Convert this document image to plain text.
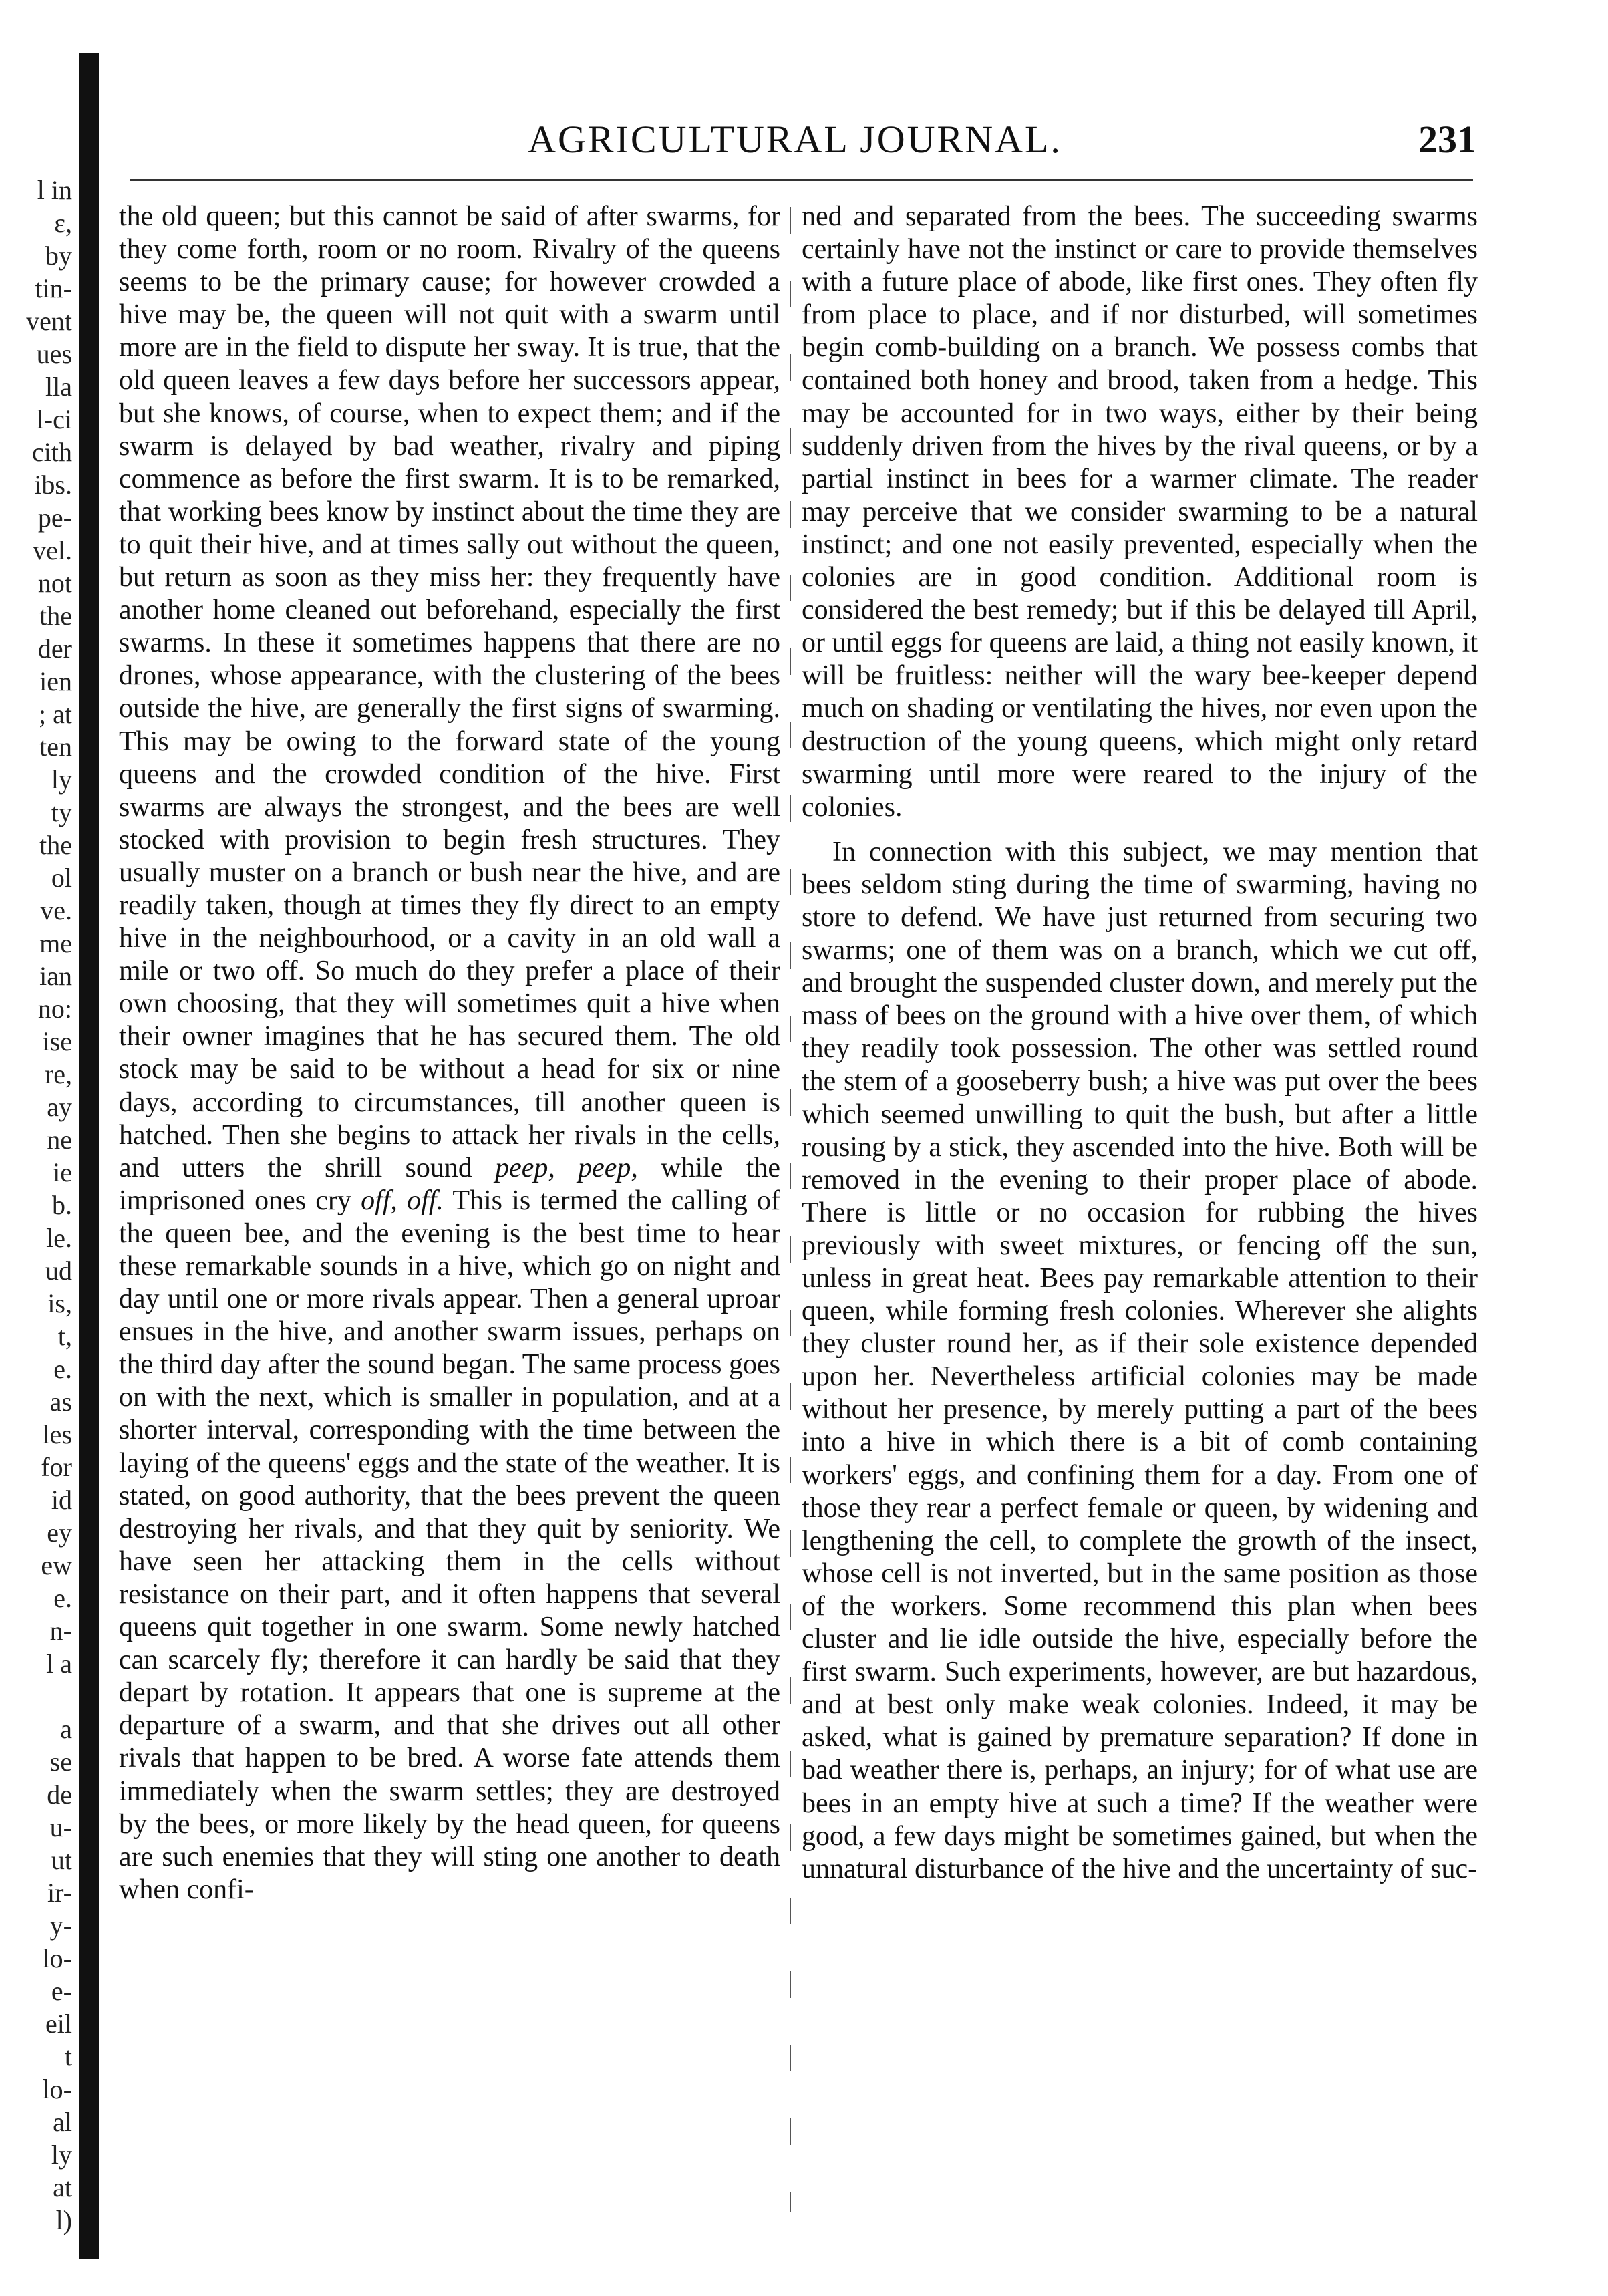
l in
ɛ,
by
tin-
vent
ues
lla
l-ci
cith
ibs.
pe-
vel.
not
the
der
ien
; at
ten
ly
ty
the
ol
ve.
me
ian
no:
ise
re,
ay
ne
ie
b.
le.
ud
is,
t,
e.
as
les
for
id
ey
ew
e.
n-
l a
a
se
de
u-
ut
ir-
y-
lo-
e-
eil
t
lo-
al
ly
at
l)
AGRICULTURAL JOURNAL.	231

the old queen; but this cannot be said of after swarms, for they come forth, room or no room. Rivalry of the queens seems to be the primary cause; for however crowded a hive may be, the queen will not quit with a swarm until more are in the field to dispute her sway. It is true, that the old queen leaves a few days before her successors appear, but she knows, of course, when to expect them; and if the swarm is delayed by bad weather, rivalry and piping commence as before the first swarm. It is to be remarked, that working bees know by instinct about the time they are to quit their hive, and at times sally out without the queen, but return as soon as they miss her: they frequently have another home cleaned out beforehand, especially the first swarms. In these it sometimes happens that there are no drones, whose appearance, with the clustering of the bees outside the hive, are generally the first signs of swarming. This may be owing to the forward state of the young queens and the crowded condition of the hive. First swarms are always the strongest, and the bees are well stocked with provision to begin fresh structures. They usually muster on a branch or bush near the hive, and are readily taken, though at times they fly direct to an empty hive in the neighbourhood, or a cavity in an old wall a mile or two off. So much do they prefer a place of their own choosing, that they will sometimes quit a hive when their owner imagines that he has secured them. The old stock may be said to be without a head for six or nine days, according to circumstances, till another queen is hatched. Then she begins to attack her rivals in the cells, and utters the shrill sound peep, peep, while the imprisoned ones cry off, off. This is termed the calling of the queen bee, and the evening is the best time to hear these remarkable sounds in a hive, which go on night and day until one or more rivals appear. Then a general uproar ensues in the hive, and another swarm issues, perhaps on the third day after the sound began. The same process goes on with the next, which is smaller in population, and at a shorter interval, corresponding with the time between the laying of the queens' eggs and the state of the weather. It is stated, on good authority, that the bees prevent the queen destroying her rivals, and that they quit by seniority. We have seen her attacking them in the cells without resistance on their part, and it often happens that several queens quit together in one swarm. Some newly hatched can scarcely fly; therefore it can hardly be said that they depart by rotation. It appears that one is supreme at the departure of a swarm, and that she drives out all other rivals that happen to be bred. A worse fate attends them immediately when the swarm settles; they are destroyed by the bees, or more likely by the head queen, for queens are such enemies that they will sting one another to death when confi-

ned and separated from the bees. The succeeding swarms certainly have not the instinct or care to provide themselves with a future place of abode, like first ones. They often fly from place to place, and if nor disturbed, will sometimes begin comb-building on a branch. We possess combs that contained both honey and brood, taken from a hedge. This may be accounted for in two ways, either by their being suddenly driven from the hives by the rival queens, or by a partial instinct in bees for a warmer climate. The reader may perceive that we consider swarming to be a natural instinct; and one not easily prevented, especially when the colonies are in good condition. Additional room is considered the best remedy; but if this be delayed till April, or until eggs for queens are laid, a thing not easily known, it will be fruitless: neither will the wary bee-keeper depend much on shading or ventilating the hives, nor even upon the destruction of the young queens, which might only retard swarming until more were reared to the injury of the colonies.

In connection with this subject, we may mention that bees seldom sting during the time of swarming, having no store to defend. We have just returned from securing two swarms; one of them was on a branch, which we cut off, and brought the suspended cluster down, and merely put the mass of bees on the ground with a hive over them, of which they readily took possession. The other was settled round the stem of a gooseberry bush; a hive was put over the bees which seemed unwilling to quit the bush, but after a little rousing by a stick, they ascended into the hive. Both will be removed in the evening to their proper place of abode. There is little or no occasion for rubbing the hives previously with sweet mixtures, or fencing off the sun, unless in great heat. Bees pay remarkable attention to their queen, while forming fresh colonies. Wherever she alights they cluster round her, as if their sole existence depended upon her. Nevertheless artificial colonies may be made without her presence, by merely putting a part of the bees into a hive in which there is a bit of comb containing workers' eggs, and confining them for a day. From one of those they rear a perfect female or queen, by widening and lengthening the cell, to complete the growth of the insect, whose cell is not inverted, but in the same position as those of the workers. Some recommend this plan when bees cluster and lie idle outside the hive, especially before the first swarm. Such experiments, however, are but hazardous, and at best only make weak colonies. Indeed, it may be asked, what is gained by premature separation? If done in bad weather there is, perhaps, an injury; for of what use are bees in an empty hive at such a time? If the weather were good, a few days might be sometimes gained, but when the unnatural disturbance of the hive and the uncertainty of suc-
